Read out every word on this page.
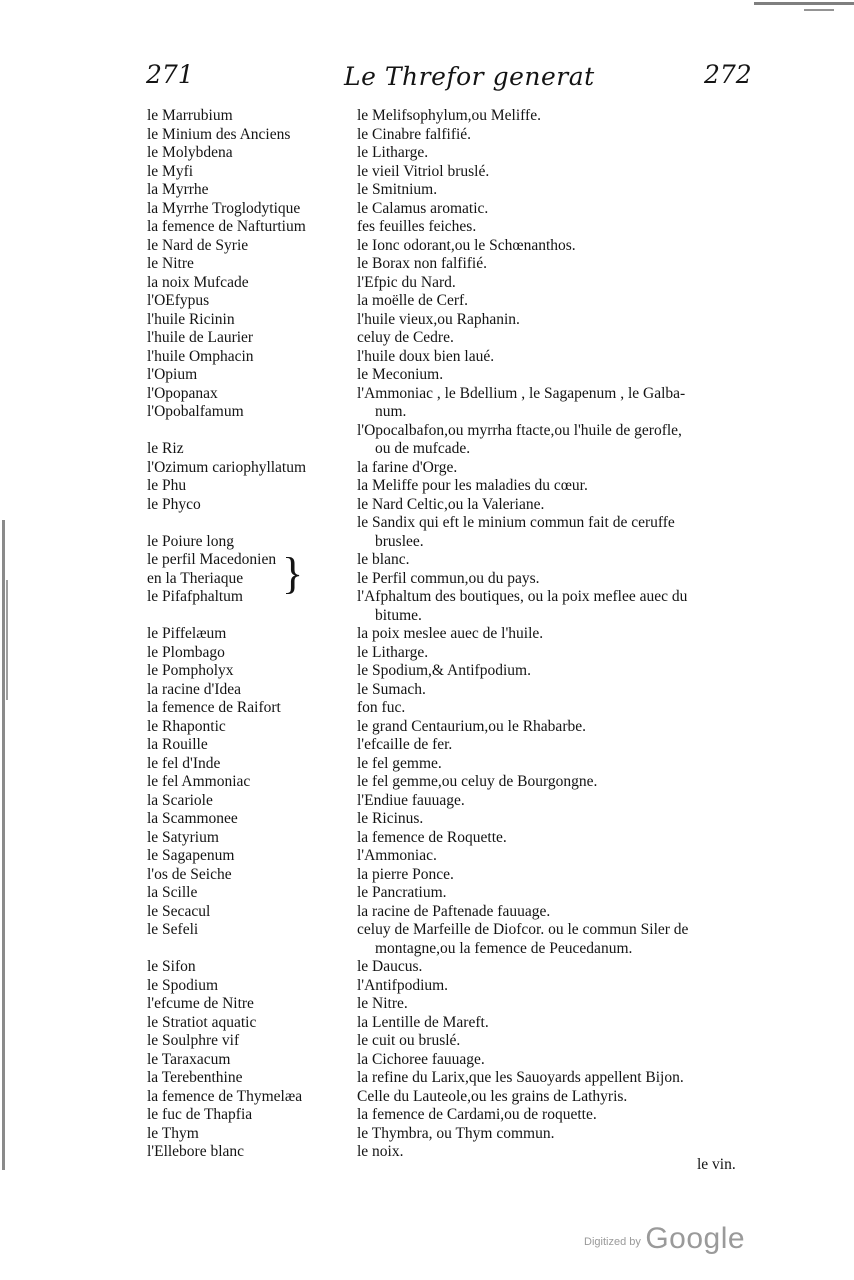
271	Le Threfor generat	272
le Marrubium
le Minium des Anciens
le Molybdena
le Myfi
la Myrrhe
la Myrrhe Troglodytique
la femence de Nafturtium
le Nard de Syrie
le Nitre
la noix Mufcade
l'OEfypus
l'huile Ricinin
l'huile de Laurier
l'huile Omphacin
l'Opium
l'Opopanax
l'Opobalfamum
le Riz
l'Ozimum cariophyllatum
le Phu
le Phyco
le Poiure long
le perfil Macedonien
en la Theriaque
le Pifafphaltum
le Piffelæum
le Plombago
le Pompholyx
la racine d'Idea
la femence de Raifort
le Rhapontic
la Rouille
le fel d'Inde
le fel Ammoniac
la Scariole
la Scammonee
le Satyrium
le Sagapenum
l'os de Seiche
la Scille
le Secacul
le Sefeli
le Sifon
le Spodium
l'efcume de Nitre
le Stratiot aquatic
le Soulphre vif
le Taraxacum
la Terebenthine
la femence de Thymelæa
le fuc de Thapfia
le Thym
l'Ellebore blanc
le Melifsophylum,ou Meliffe.
le Cinabre falfifié.
le Litharge.
le vieil Vitriol bruslé.
le Smitnium.
le Calamus aromatic.
fes feuilles feiches.
le Ionc odorant,ou le Schœnanthos.
le Borax non falfifié.
l'Efpic du Nard.
la moëlle de Cerf.
l'huile vieux,ou Raphanin.
celuy de Cedre.
l'huile doux bien laué.
le Meconium.
l'Ammoniac , le Bdellium , le Sagapenum , le Galba-
num.
l'Opocalbafon,ou myrrha ftacte,ou l'huile de gerofle,
ou de mufcade.
la farine d'Orge.
la Meliffe pour les maladies du cœur.
le Nard Celtic,ou la Valeriane.
le Sandix qui eft le minium commun fait de ceruffe
bruslee.
le blanc.
le Perfil commun,ou du pays.
l'Afphaltum des boutiques, ou la poix meflee auec du
bitume.
la poix meslee auec de l'huile.
le Litharge.
le Spodium,& Antifpodium.
le Sumach.
fon fuc.
le grand Centaurium,ou le Rhabarbe.
l'efcaille de fer.
le fel gemme.
le fel gemme,ou celuy de Bourgongne.
l'Endiue fauuage.
le Ricinus.
la femence de Roquette.
l'Ammoniac.
la pierre Ponce.
le Pancratium.
la racine de Paftenade fauuage.
celuy de Marfeille de Diofcor. ou le commun Siler de
montagne,ou la femence de Peucedanum.
le Daucus.
l'Antifpodium.
le Nitre.
la Lentille de Mareft.
le cuit ou bruslé.
la Cichoree fauuage.
la refine du Larix,que les Sauoyards appellent Bijon.
Celle du Lauteole,ou les grains de Lathyris.
la femence de Cardami,ou de roquette.
le Thymbra, ou Thym commun.
le noix.
}
le vin.
Digitized by Google
